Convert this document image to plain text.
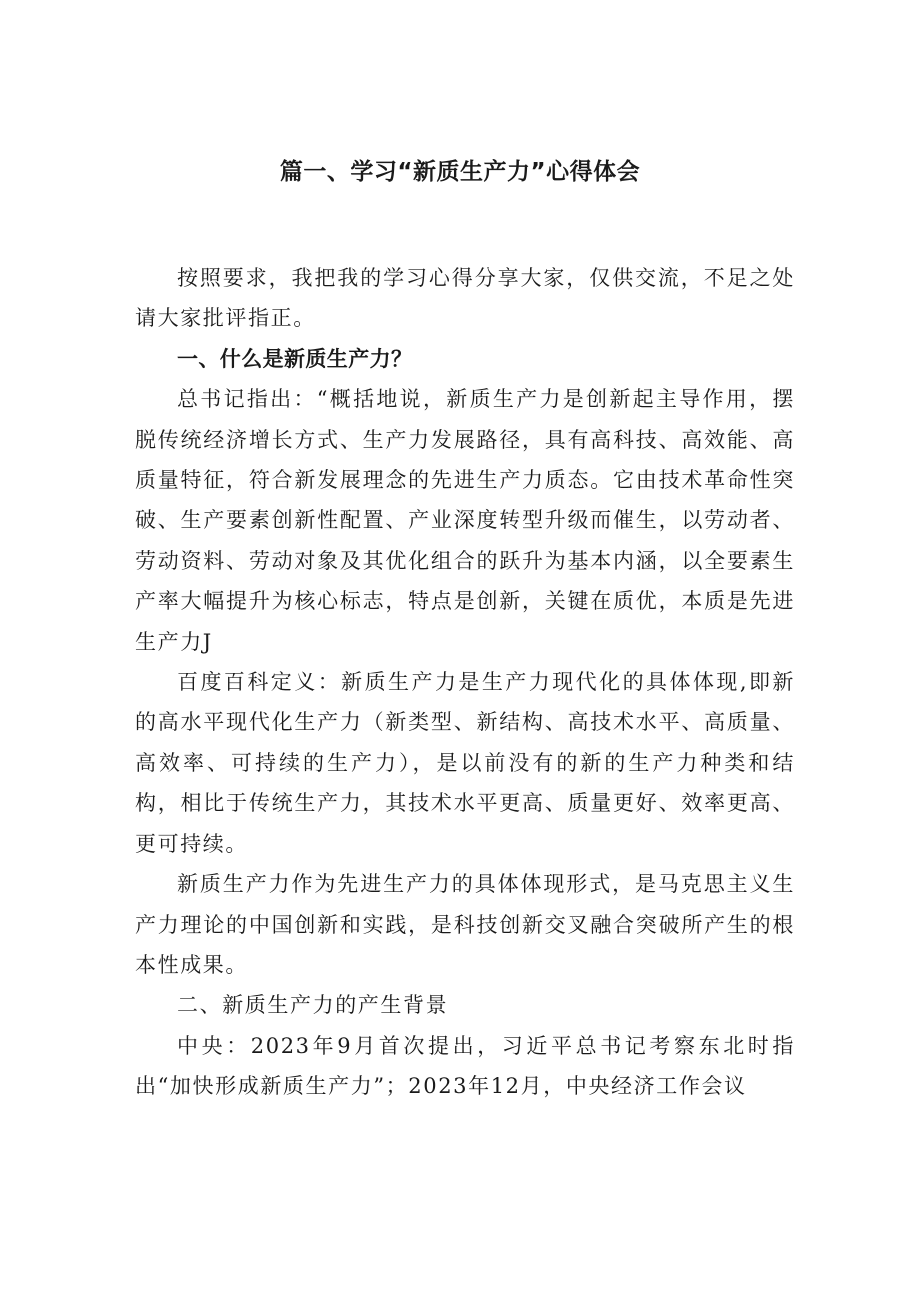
篇一、学习“新质生产力”心得体会

按照要求，我把我的学习心得分享大家，仅供交流，不足之处请大家批评指正。

一、什么是新质生产力？

总书记指出：“概括地说，新质生产力是创新起主导作用，摆脱传统经济增长方式、生产力发展路径，具有高科技、高效能、高质量特征，符合新发展理念的先进生产力质态。它由技术革命性突破、生产要素创新性配置、产业深度转型升级而催生，以劳动者、劳动资料、劳动对象及其优化组合的跃升为基本内涵，以全要素生产率大幅提升为核心标志，特点是创新，关键在质优，本质是先进生产力J

百度百科定义：新质生产力是生产力现代化的具体体现,即新的高水平现代化生产力（新类型、新结构、高技术水平、高质量、高效率、可持续的生产力），是以前没有的新的生产力种类和结构，相比于传统生产力，其技术水平更高、质量更好、效率更高、更可持续。

新质生产力作为先进生产力的具体体现形式，是马克思主义生产力理论的中国创新和实践，是科技创新交叉融合突破所产生的根本性成果。

二、新质生产力的产生背景

中央：2023年9月首次提出，习近平总书记考察东北时指出“加快形成新质生产力”；2023年12月，中央经济工作会议
